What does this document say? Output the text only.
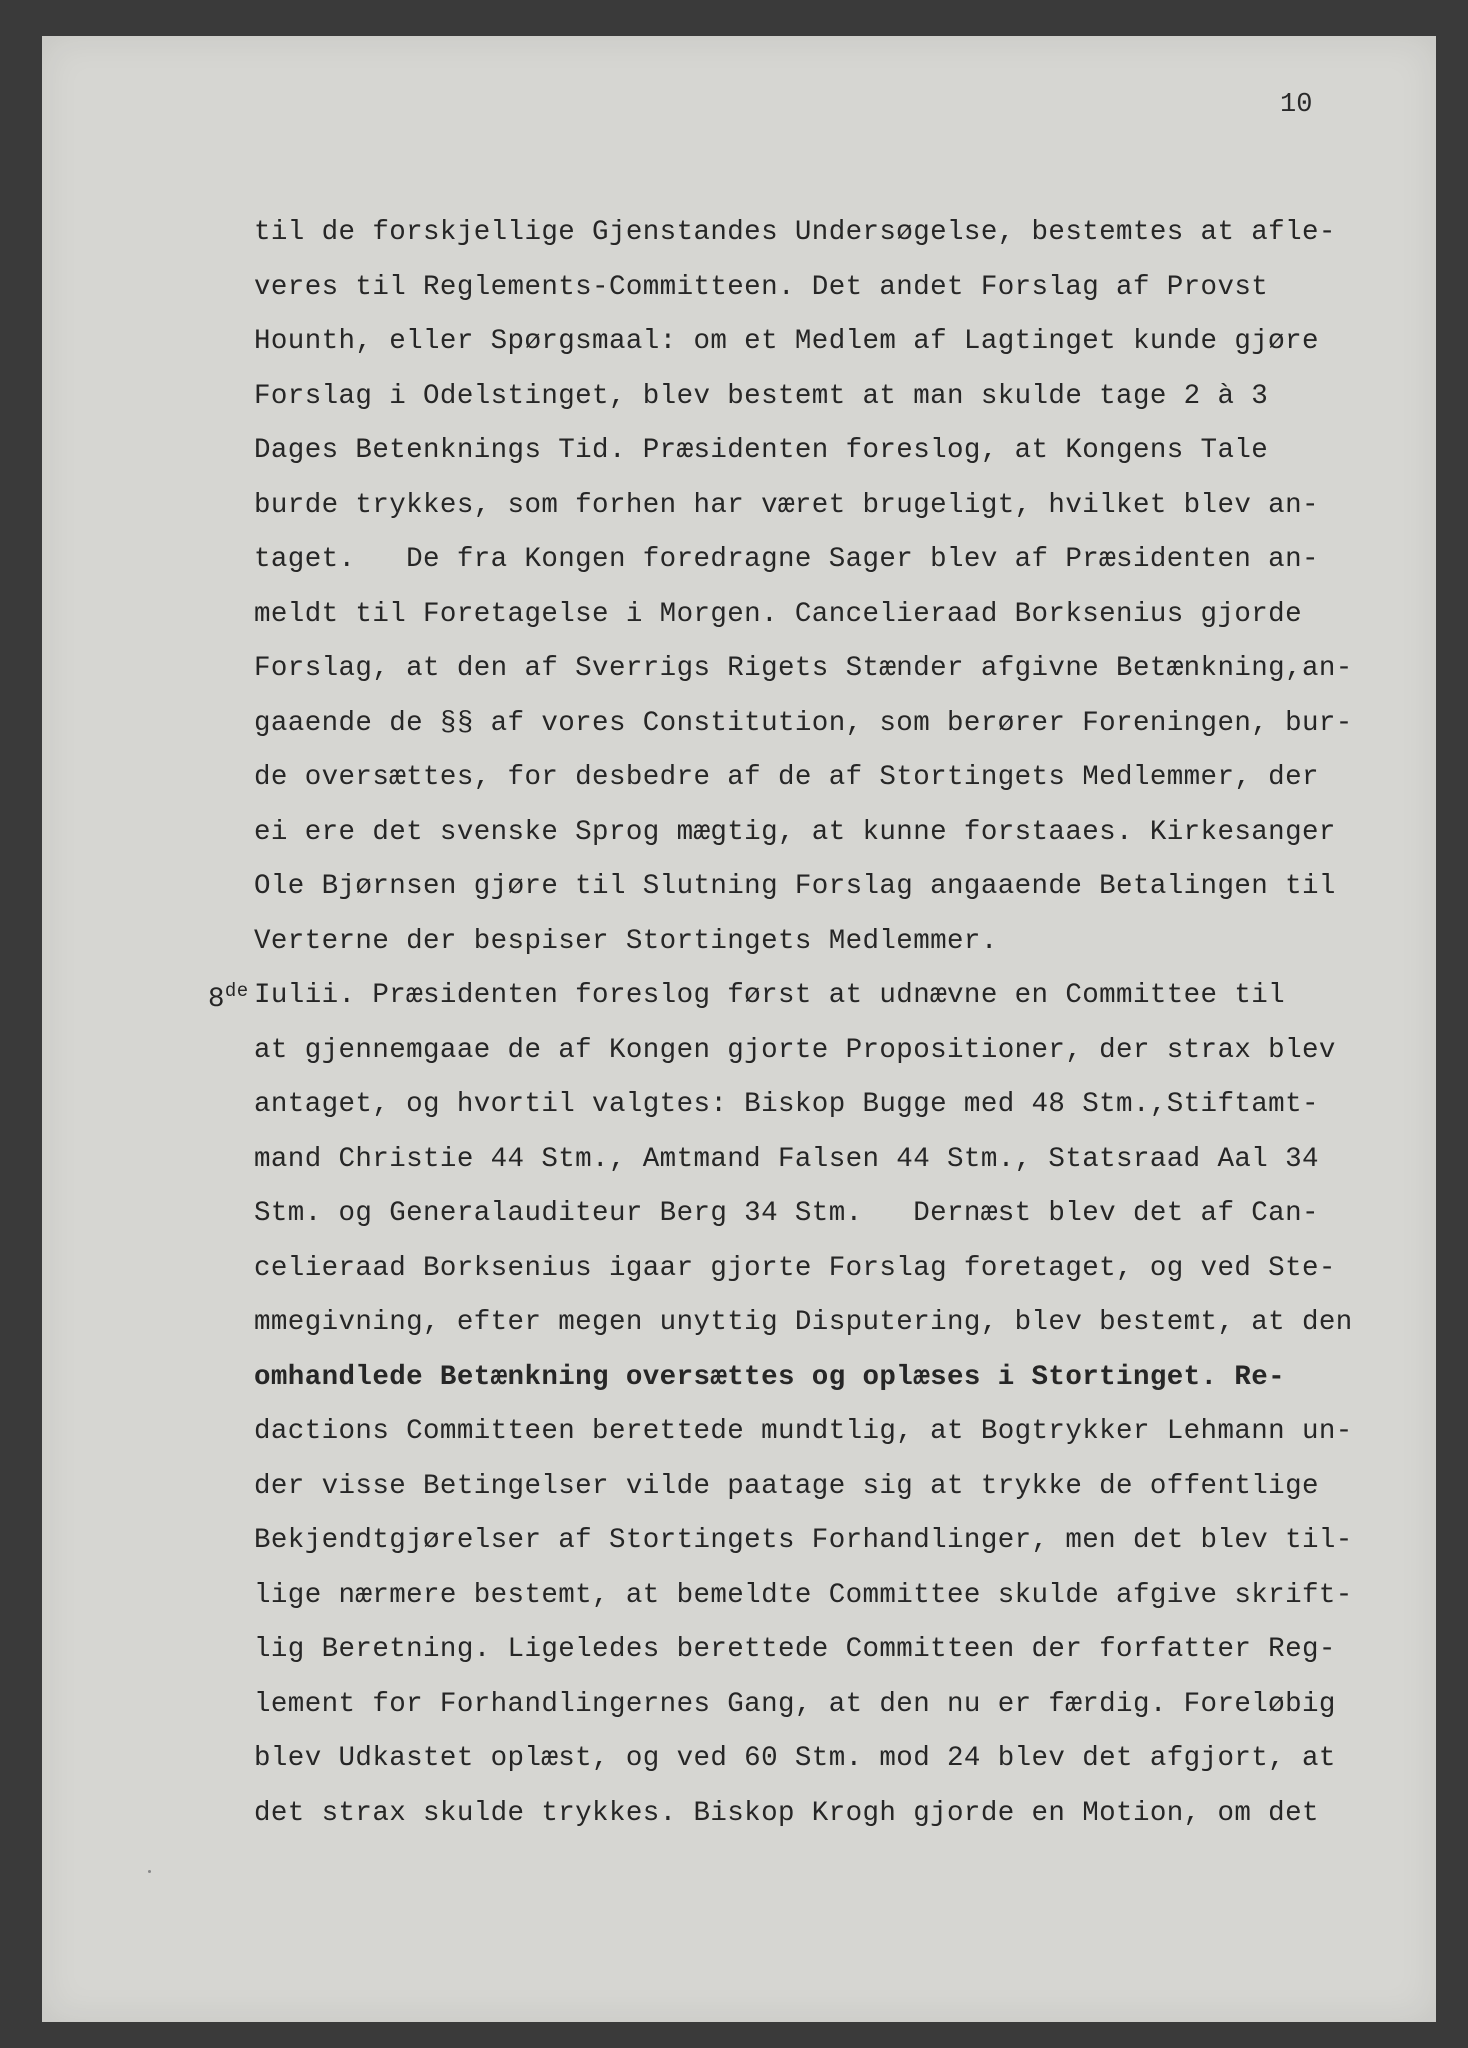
10
til de forskjellige Gjenstandes Undersøgelse, bestemtes at afle-
veres til Reglements-Committeen. Det andet Forslag af Provst
Hounth, eller Spørgsmaal: om et Medlem af Lagtinget kunde gjøre
Forslag i Odelstinget, blev bestemt at man skulde tage 2 à 3
Dages Betenknings Tid. Præsidenten foreslog, at Kongens Tale
burde trykkes, som forhen har været brugeligt, hvilket blev an-
taget.   De fra Kongen foredragne Sager blev af Præsidenten an-
meldt til Foretagelse i Morgen. Cancelieraad Borksenius gjorde
Forslag, at den af Sverrigs Rigets Stænder afgivne Betænkning,an-
gaaende de §§ af vores Constitution, som berører Foreningen, bur-
de oversættes, for desbedre af de af Stortingets Medlemmer, der
ei ere det svenske Sprog mægtig, at kunne forstaaes. Kirkesanger
Ole Bjørnsen gjøre til Slutning Forslag angaaende Betalingen til
Verterne der bespiser Stortingets Medlemmer.
8de Iulii. Præsidenten foreslog først at udnævne en Committee til
at gjennemgaae de af Kongen gjorte Propositioner, der strax blev
antaget, og hvortil valgtes: Biskop Bugge med 48 Stm.,Stiftamt-
mand Christie 44 Stm., Amtmand Falsen 44 Stm., Statsraad Aal 34
Stm. og Generalauditeur Berg 34 Stm.   Dernæst blev det af Can-
celieraad Borksenius igaar gjorte Forslag foretaget, og ved Ste-
mmegivning, efter megen unyttig Disputering, blev bestemt, at den
omhandlede Betænkning oversættes og oplæses i Stortinget. Re-
dactions Committeen berettede mundtlig, at Bogtrykker Lehmann un-
der visse Betingelser vilde paatage sig at trykke de offentlige
Bekjendtgjørelser af Stortingets Forhandlinger, men det blev til-
lige nærmere bestemt, at bemeldte Committee skulde afgive skrift-
lig Beretning. Ligeledes berettede Committeen der forfatter Reg-
lement for Forhandlingernes Gang, at den nu er færdig. Foreløbig
blev Udkastet oplæst, og ved 60 Stm. mod 24 blev det afgjort, at
det strax skulde trykkes. Biskop Krogh gjorde en Motion, om det
